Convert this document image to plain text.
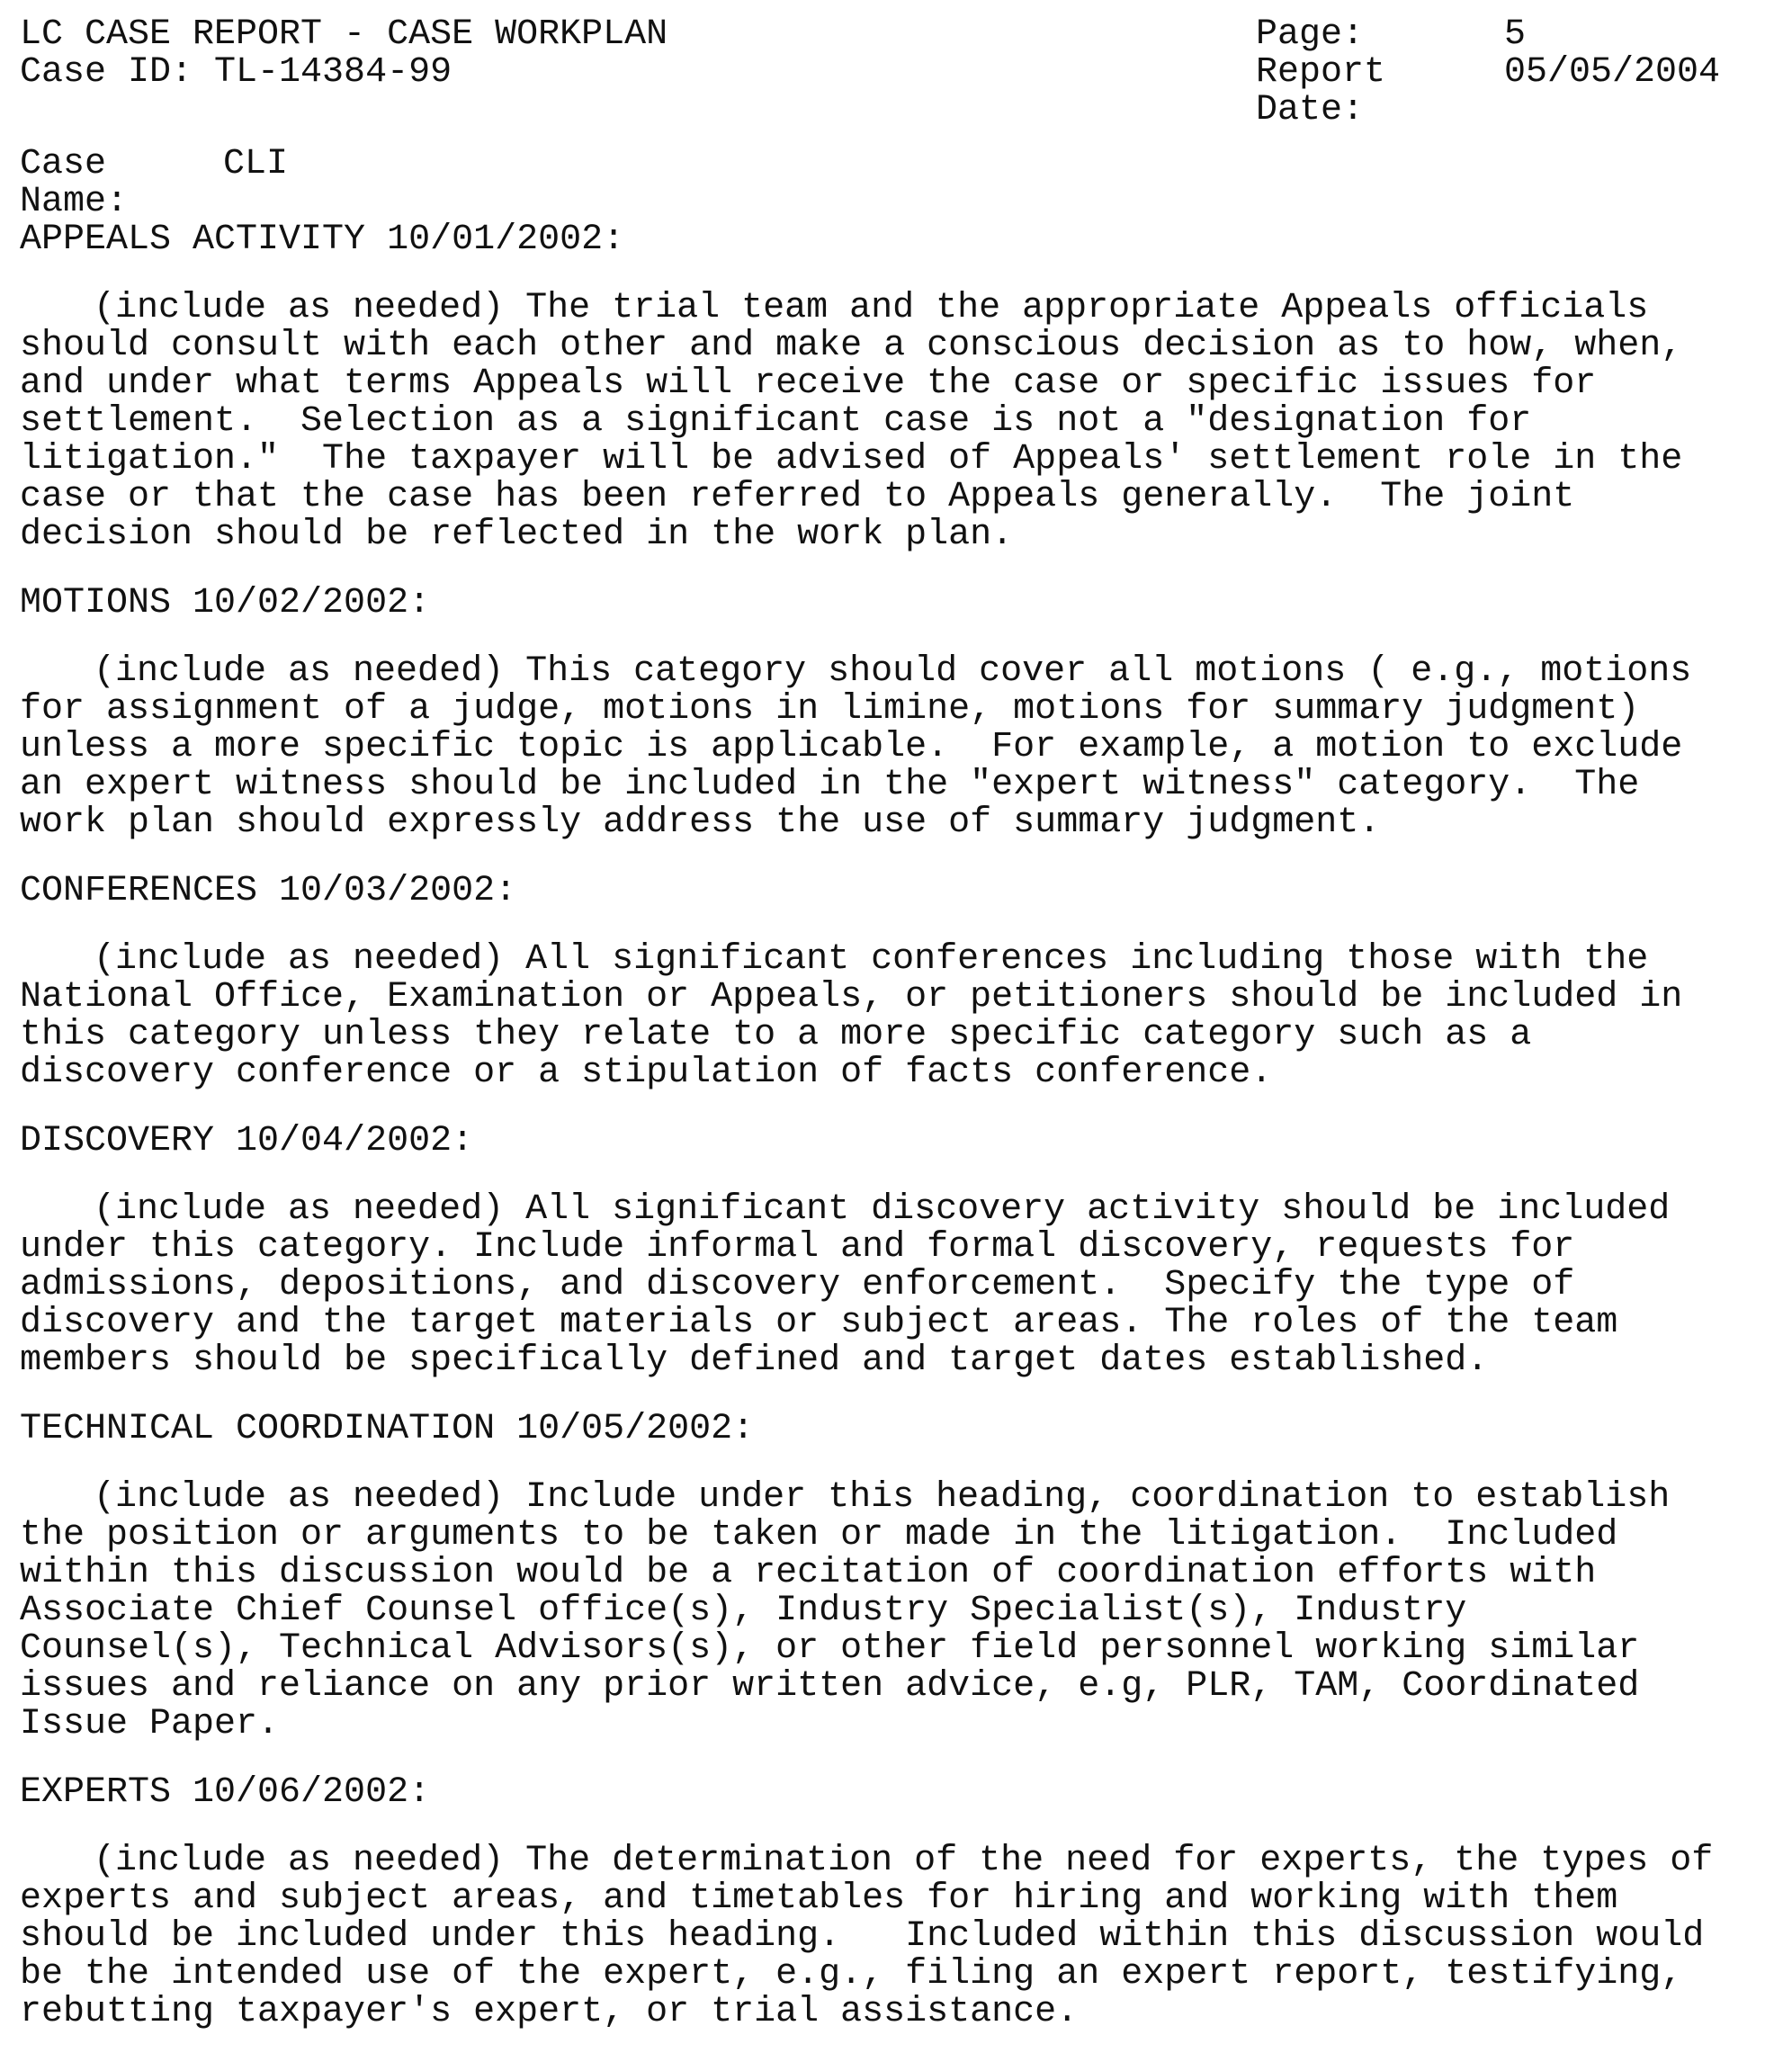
LC CASE REPORT - CASE WORKPLAN
Case ID: TL-14384-99
Page:	5
Report	05/05/2004
Date:
Case	CLI
Name:
APPEALS ACTIVITY 10/01/2002:
(include as needed) The trial team and the appropriate Appeals officials
should consult with each other and make a conscious decision as to how, when,
and under what terms Appeals will receive the case or specific issues for
settlement.  Selection as a significant case is not a "designation for
litigation."  The taxpayer will be advised of Appeals' settlement role in the
case or that the case has been referred to Appeals generally.  The joint
decision should be reflected in the work plan.
MOTIONS 10/02/2002:
(include as needed) This category should cover all motions ( e.g., motions
for assignment of a judge, motions in limine, motions for summary judgment)
unless a more specific topic is applicable.  For example, a motion to exclude
an expert witness should be included in the "expert witness" category.  The
work plan should expressly address the use of summary judgment.
CONFERENCES 10/03/2002:
(include as needed) All significant conferences including those with the
National Office, Examination or Appeals, or petitioners should be included in
this category unless they relate to a more specific category such as a
discovery conference or a stipulation of facts conference.
DISCOVERY 10/04/2002:
(include as needed) All significant discovery activity should be included
under this category. Include informal and formal discovery, requests for
admissions, depositions, and discovery enforcement.  Specify the type of
discovery and the target materials or subject areas. The roles of the team
members should be specifically defined and target dates established.
TECHNICAL COORDINATION 10/05/2002:
(include as needed) Include under this heading, coordination to establish
the position or arguments to be taken or made in the litigation.  Included
within this discussion would be a recitation of coordination efforts with
Associate Chief Counsel office(s), Industry Specialist(s), Industry
Counsel(s), Technical Advisors(s), or other field personnel working similar
issues and reliance on any prior written advice, e.g, PLR, TAM, Coordinated
Issue Paper.
EXPERTS 10/06/2002:
(include as needed) The determination of the need for experts, the types of
experts and subject areas, and timetables for hiring and working with them
should be included under this heading.   Included within this discussion would
be the intended use of the expert, e.g., filing an expert report, testifying,
rebutting taxpayer's expert, or trial assistance.
